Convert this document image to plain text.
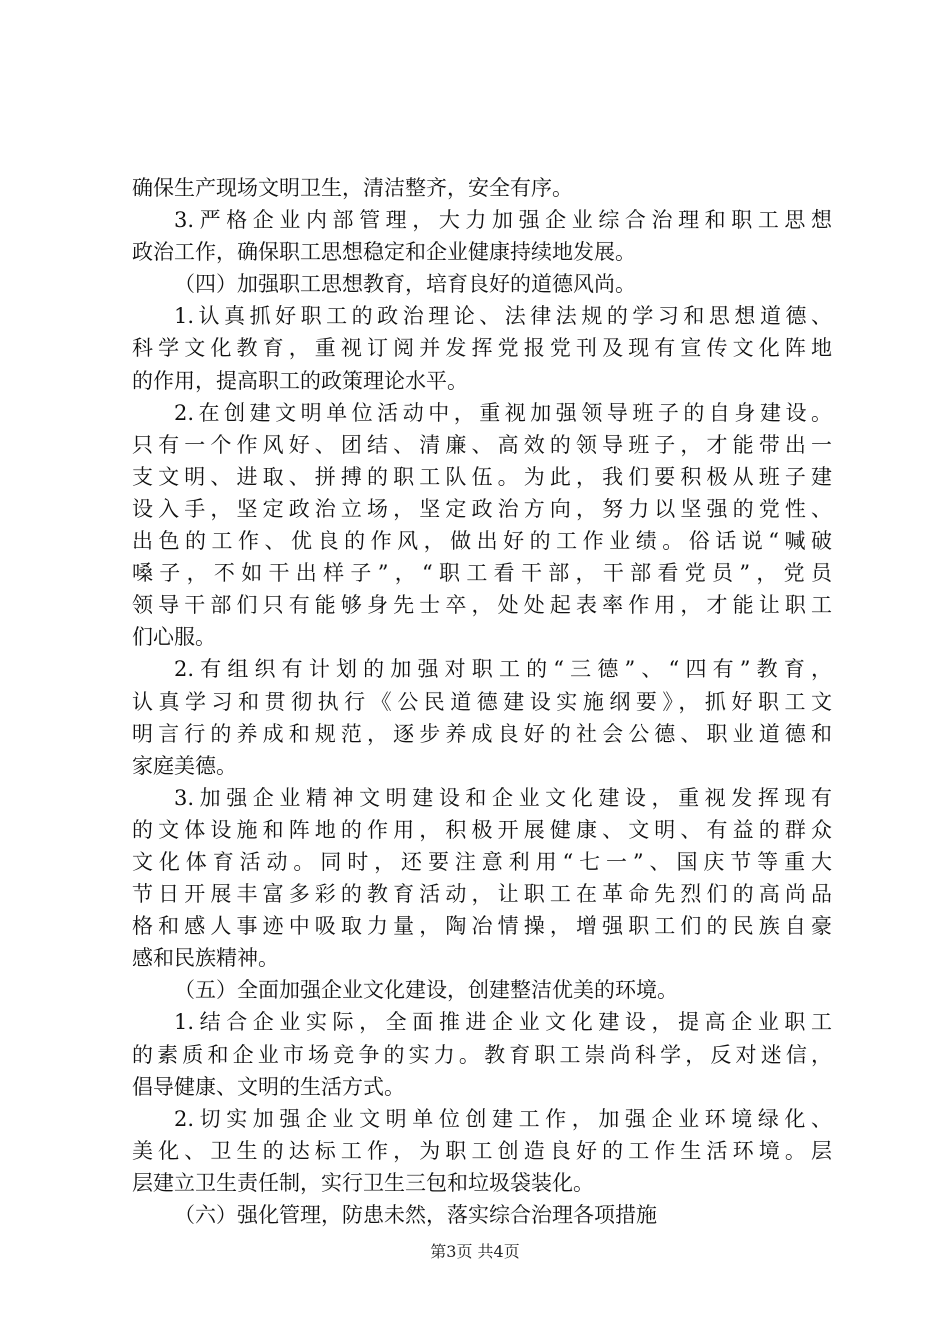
确保生产现场文明卫生，清洁整齐，安全有序。
3.严格企业内部管理，大力加强企业综合治理和职工思想
政治工作，确保职工思想稳定和企业健康持续地发展。
（四）加强职工思想教育，培育良好的道德风尚。
1.认真抓好职工的政治理论、法律法规的学习和思想道德、
科学文化教育，重视订阅并发挥党报党刊及现有宣传文化阵地
的作用，提高职工的政策理论水平。
2.在创建文明单位活动中，重视加强领导班子的自身建设。
只有一个作风好、团结、清廉、高效的领导班子，才能带出一
支文明、进取、拼搏的职工队伍。为此，我们要积极从班子建
设入手，坚定政治立场，坚定政治方向，努力以坚强的党性、
出色的工作、优良的作风，做出好的工作业绩。俗话说“喊破
嗓子，不如干出样子”，“职工看干部，干部看党员”，党员
领导干部们只有能够身先士卒，处处起表率作用，才能让职工
们心服。
2.有组织有计划的加强对职工的“三德”、“四有”教育，
认真学习和贯彻执行《公民道德建设实施纲要》，抓好职工文
明言行的养成和规范，逐步养成良好的社会公德、职业道德和
家庭美德。
3.加强企业精神文明建设和企业文化建设，重视发挥现有
的文体设施和阵地的作用，积极开展健康、文明、有益的群众
文化体育活动。同时，还要注意利用“七一”、国庆节等重大
节日开展丰富多彩的教育活动，让职工在革命先烈们的高尚品
格和感人事迹中吸取力量，陶冶情操，增强职工们的民族自豪
感和民族精神。
（五）全面加强企业文化建设，创建整洁优美的环境。
1.结合企业实际，全面推进企业文化建设，提高企业职工
的素质和企业市场竞争的实力。教育职工崇尚科学，反对迷信，
倡导健康、文明的生活方式。
2.切实加强企业文明单位创建工作，加强企业环境绿化、
美化、卫生的达标工作，为职工创造良好的工作生活环境。层
层建立卫生责任制，实行卫生三包和垃圾袋装化。
（六）强化管理，防患未然，落实综合治理各项措施
第3页 共4页
